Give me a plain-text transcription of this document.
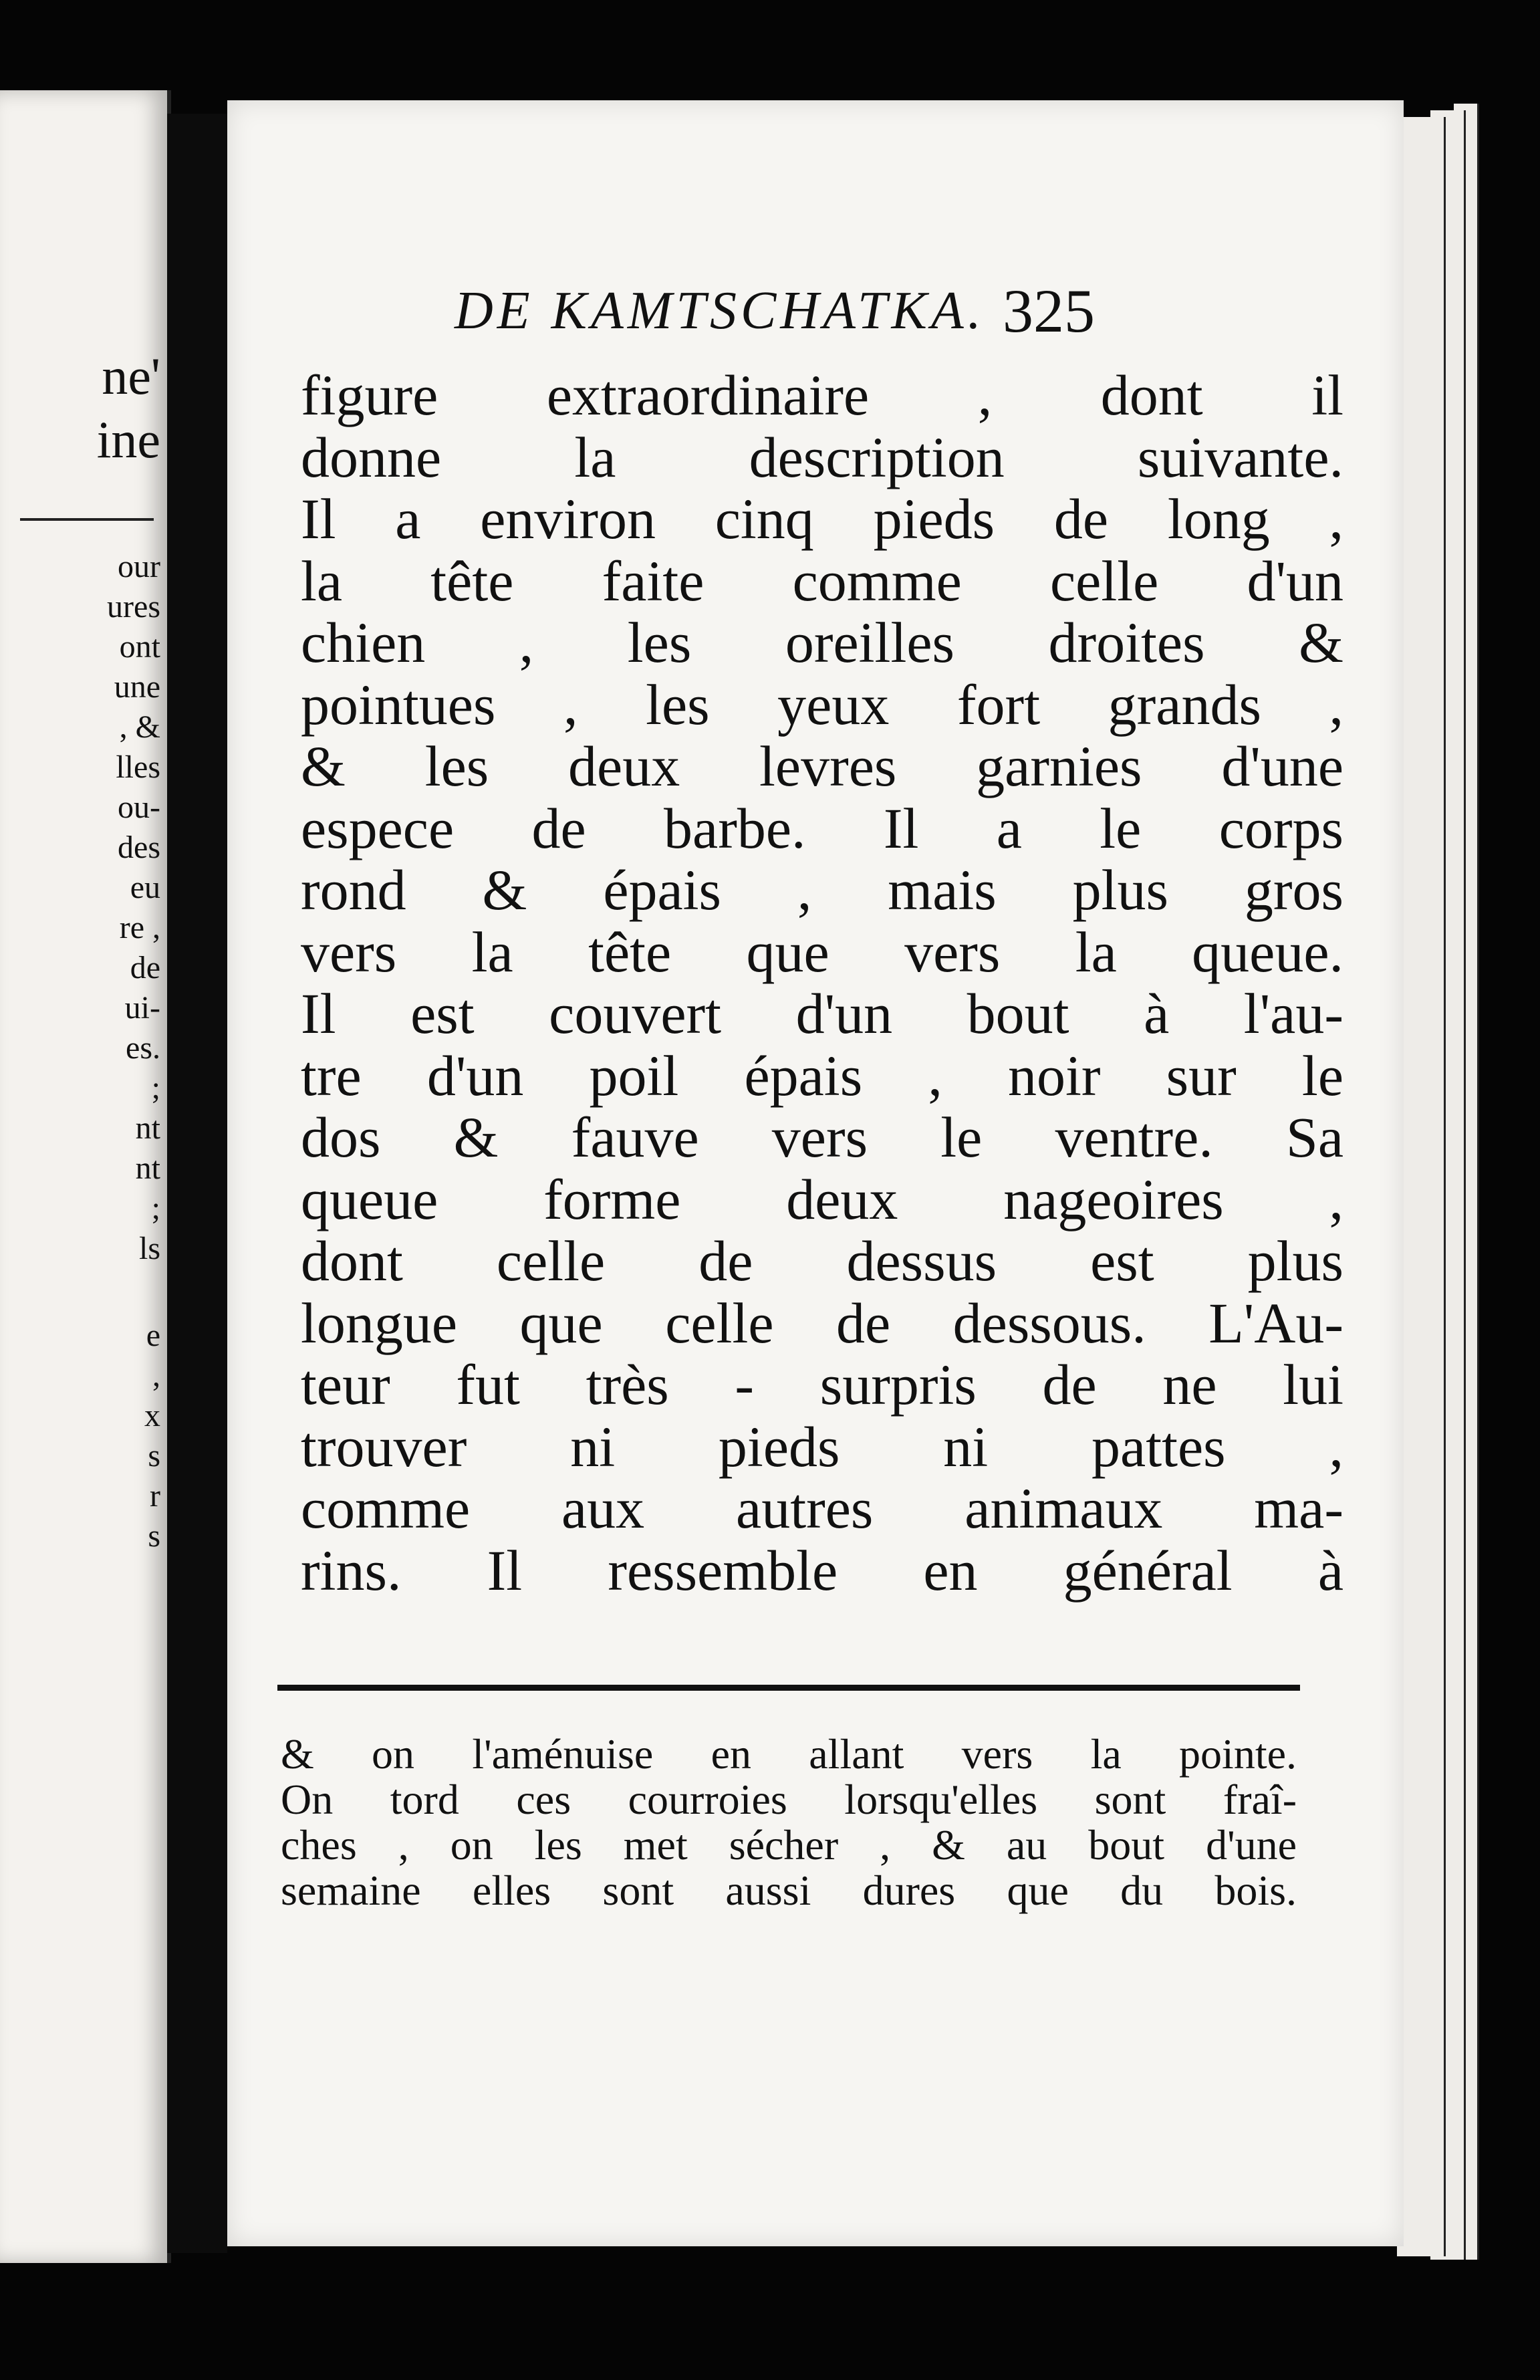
ne'
ine
our
ures
ont
une
, &
lles
ou-
des
eu
re ,
de
ui-
es.
;
nt
nt
;
ls
e
,
x
s
r
s
DE KAMTSCHATKA. 325
figure extraordinaire , dont il
donne la description suivante.
Il a environ cinq pieds de long ,
la tête faite comme celle d'un
chien , les oreilles droites &
pointues , les yeux fort grands ,
& les deux levres garnies d'une
espece de barbe. Il a le corps
rond & épais , mais plus gros
vers la tête que vers la queue.
Il est couvert d'un bout à l'au-
tre d'un poil épais , noir sur le
dos & fauve vers le ventre. Sa
queue forme deux nageoires ,
dont celle de dessus est plus
longue que celle de dessous. L'Au-
teur fut très - surpris de ne lui
trouver ni pieds ni pattes ,
comme aux autres animaux ma-
rins. Il ressemble en général à
& on l'aménuise en allant vers la pointe.
On tord ces courroies lorsqu'elles sont fraî-
ches , on les met sécher , & au bout d'une
semaine elles sont aussi dures que du bois.
